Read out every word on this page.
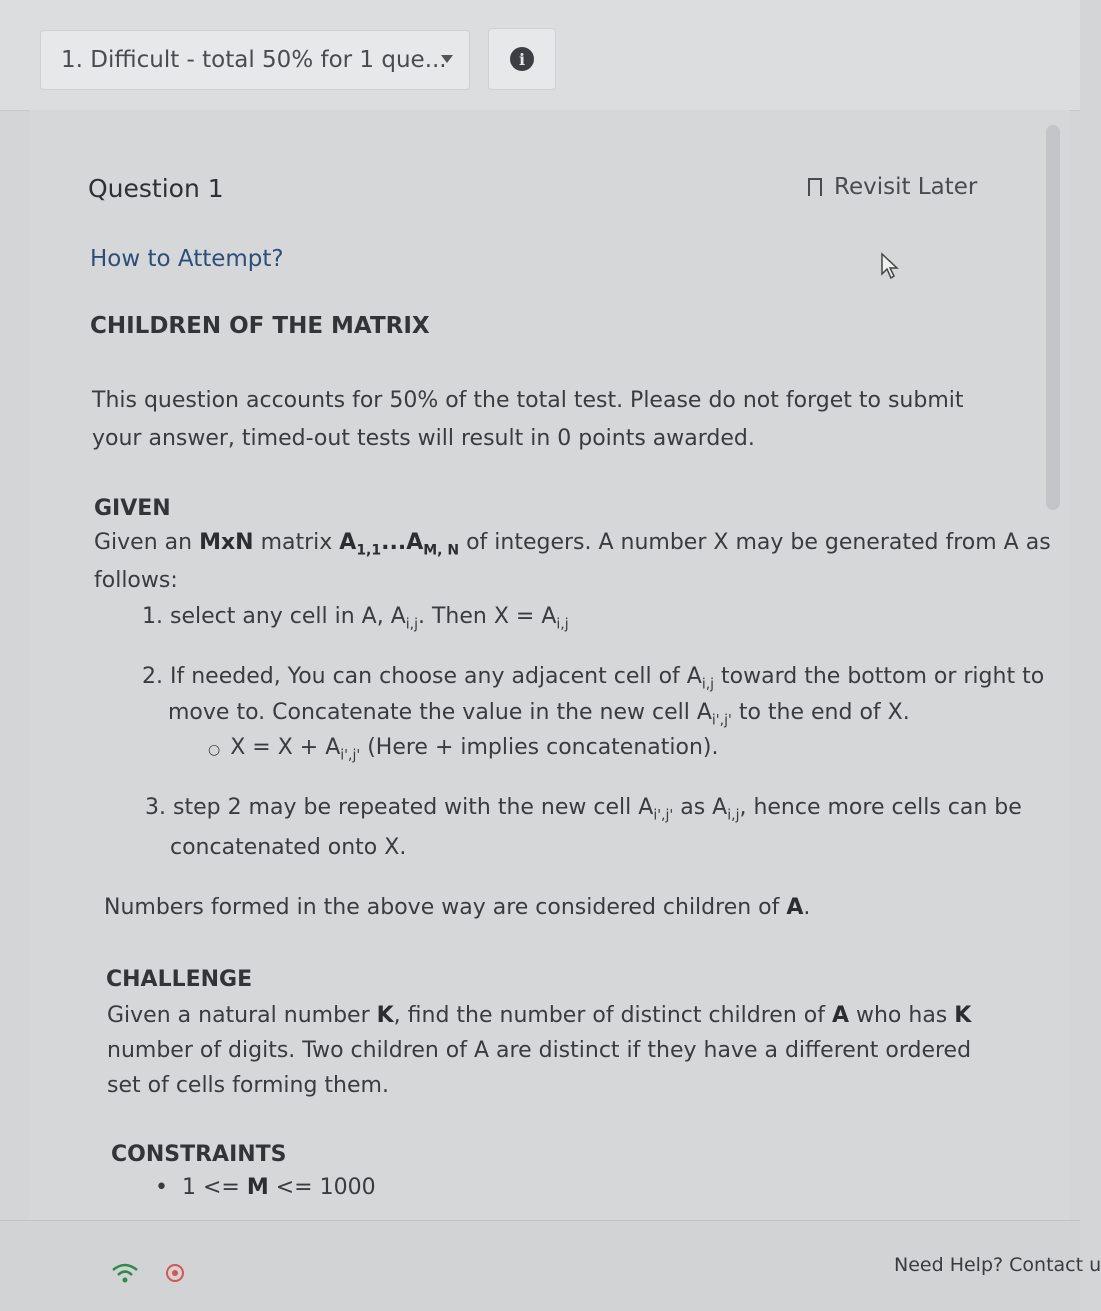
1. Difficult - total 50% for 1 que...	i
Question 1	Revisit Later
How to Attempt?
CHILDREN OF THE MATRIX
This question accounts for 50% of the total test. Please do not forget to submit your answer, timed-out tests will result in 0 points awarded.
GIVEN
Given an MxN matrix $A_{1,1}...A_{M, N}$ of integers. A number X may be generated from A as
follows:
1. select any cell in A, $A_{i,j}$. Then $X = A_{i,j}$
2. If needed, You can choose any adjacent cell of $A_{i,j}$ toward the bottom or right to
move to. Concatenate the value in the new cell $A_{i',j'}$ to the end of X.
○ $X = X + A_{i',j'}$ (Here + implies concatenation).
3. step 2 may be repeated with the new cell $A_{i',j'}$ as $A_{i,j}$, hence more cells can be
concatenated onto X.
Numbers formed in the above way are considered children of A.
CHALLENGE
Given a natural number K, find the number of distinct children of A who has K number of digits. Two children of A are distinct if they have a different ordered set of cells forming them.
CONSTRAINTS
• 1 <= M <= 1000
Need Help? Contact u
